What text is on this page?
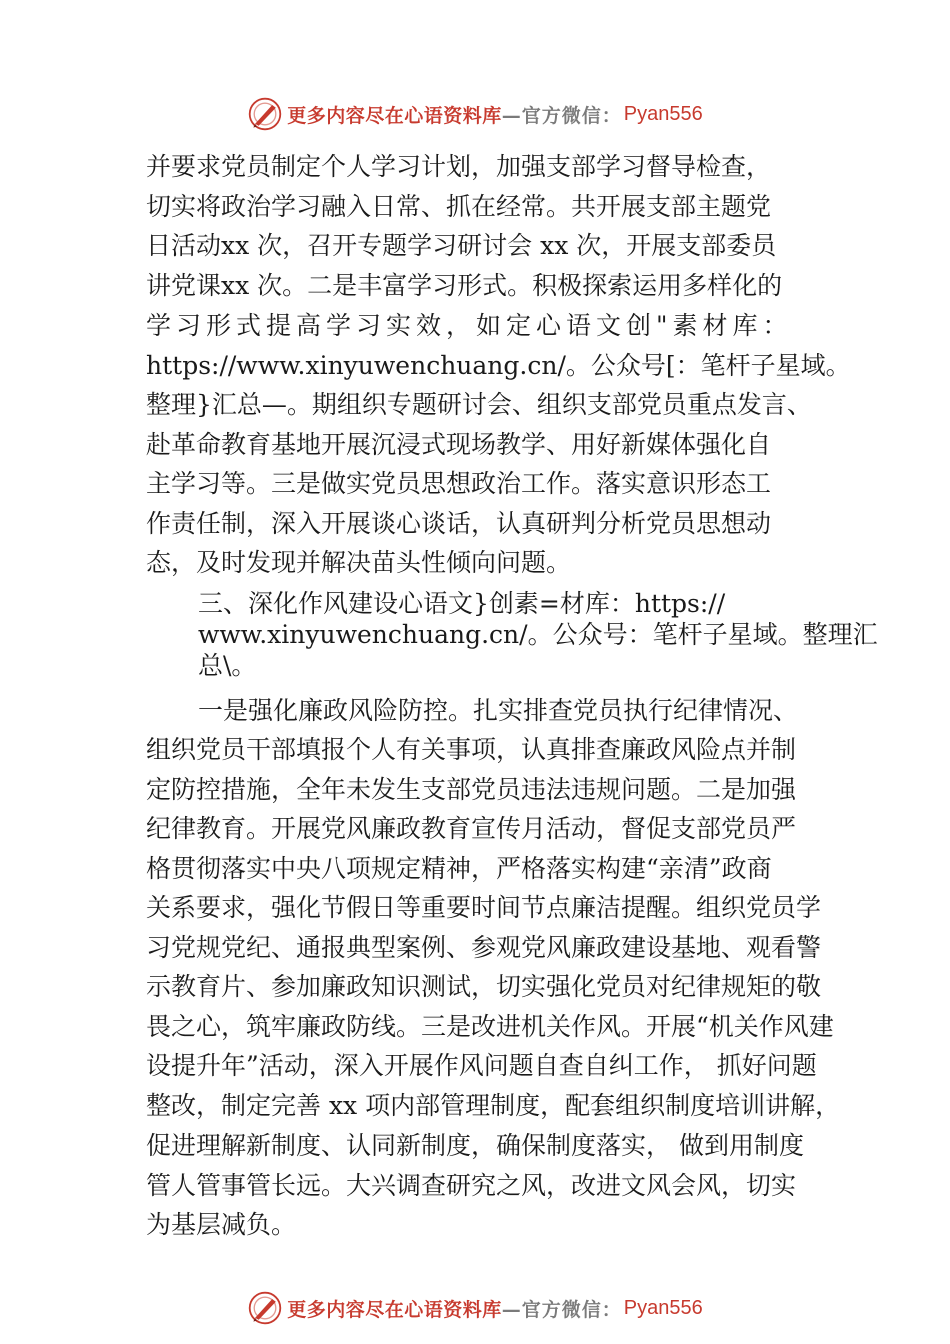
更多内容尽在心语资料库 —官方微信： Pyan556
并要求党员制定个人学习计划，加强支部学习督导检查，
切实将政治学习融入日常、抓在经常。共开展支部主题党
日活动xx 次，召开专题学习研讨会 xx 次，开展支部委员
讲党课xx 次。二是丰富学习形式。积极探索运用多样化的
学习形式提高学习实效，如定心语文创"素材库：
https://www.xinyuwenchuang.cn/。公众号[：笔杆子星域。
整理}汇总—。期组织专题研讨会、组织支部党员重点发言、
赴革命教育基地开展沉浸式现场教学、用好新媒体强化自
主学习等。三是做实党员思想政治工作。落实意识形态工
作责任制，深入开展谈心谈话，认真研判分析党员思想动
态，及时发现并解决苗头性倾向问题。
三、深化作风建设心语文}创素=材库：https://
www.xinyuwenchuang.cn/。公众号：笔杆子星域。整理汇
总\。
一是强化廉政风险防控。扎实排查党员执行纪律情况、
组织党员干部填报个人有关事项，认真排查廉政风险点并制
定防控措施，全年未发生支部党员违法违规问题。二是加强
纪律教育。开展党风廉政教育宣传月活动，督促支部党员严
格贯彻落实中央八项规定精神，严格落实构建“亲清”政商
关系要求，强化节假日等重要时间节点廉洁提醒。组织党员学
习党规党纪、通报典型案例、参观党风廉政建设基地、观看警
示教育片、参加廉政知识测试，切实强化党员对纪律规矩的敬
畏之心，筑牢廉政防线。三是改进机关作风。开展“机关作风建
设提升年”活动，深入开展作风问题自查自纠工作， 抓好问题
整改，制定完善 xx 项内部管理制度，配套组织制度培训讲解，
促进理解新制度、认同新制度，确保制度落实， 做到用制度
管人管事管长远。大兴调查研究之风，改进文风会风，切实
为基层减负。
更多内容尽在心语资料库 —官方微信： Pyan556
